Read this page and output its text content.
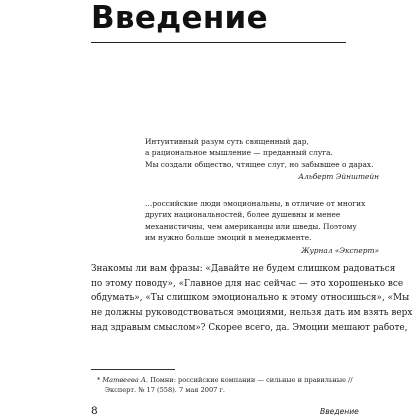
Введение
Интуитивный разум суть священный дар,
а рациональное мышление — преданный слуга.
Мы создали общество, чтящее слуг, но забывшее о дарах.
Альберт Эйнштейн
…российские люди эмоциональны, в отличие от многих
других национальностей, более душевны и менее
механистичны, чем американцы или шведы. Поэтому
им нужно больше эмоций в менеджменте.
Журнал «Эксперт»
Знакомы ли вам фразы: «Давайте не будем слишком радоваться
по этому поводу», «Главное для нас сейчас — это хорошенько все
обдумать», «Ты слишком эмоционально к этому относишься», «Мы
не должны руководствоваться эмоциями, нельзя дать им взять верх
над здравым смыслом»? Скорее всего, да. Эмоции мешают работе,
* Матвеева А. Помни: российские компании — сильные и правильные //
Эксперт. № 17 (558). 7 мая 2007 г.
8	Введение
